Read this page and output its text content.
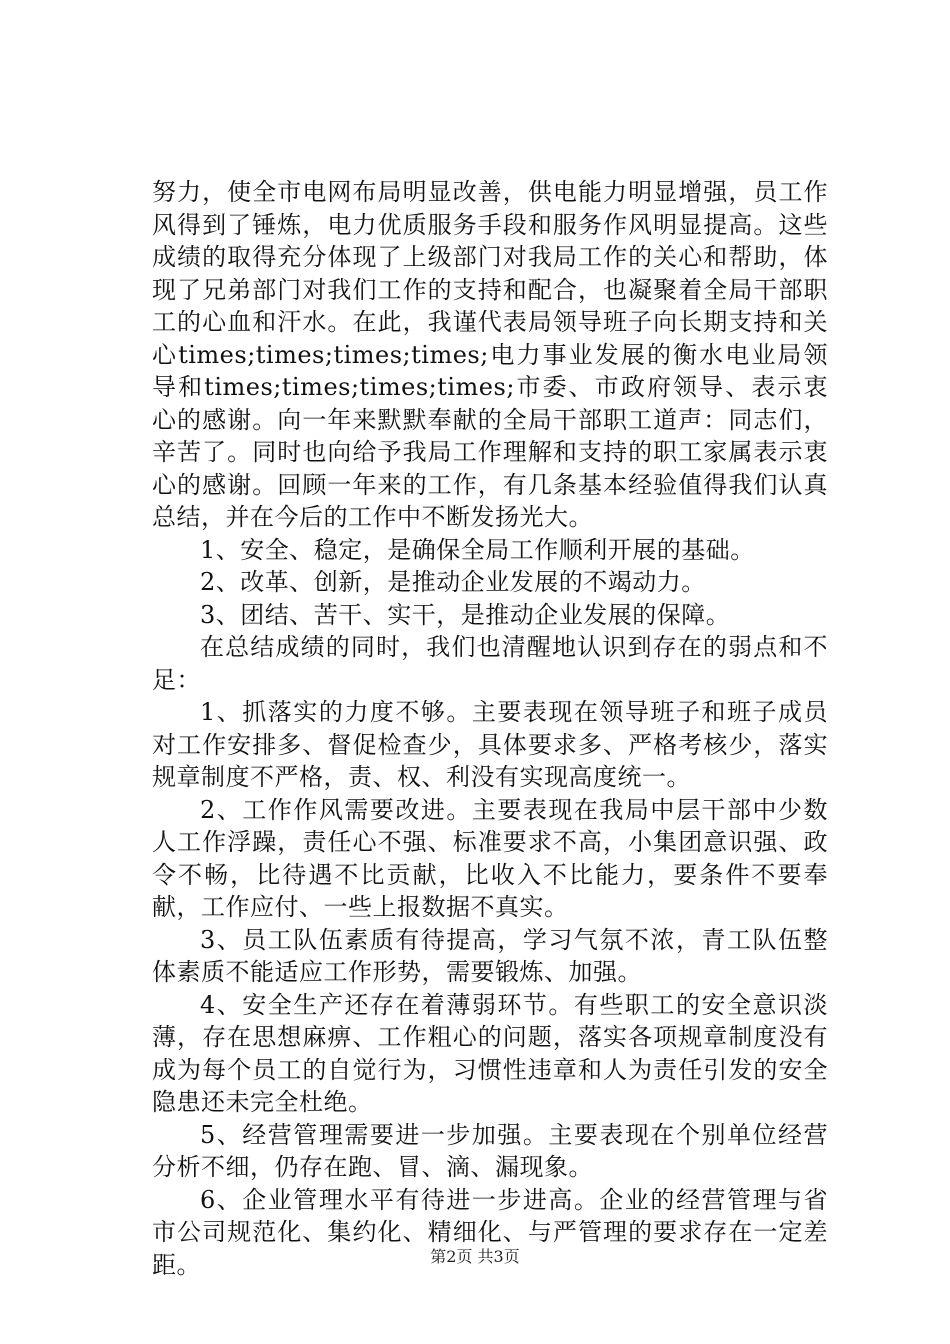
努力，使全市电网布局明显改善，供电能力明显增强，员工作风得到了锤炼，电力优质服务手段和服务作风明显提高。这些成绩的取得充分体现了上级部门对我局工作的关心和帮助，体现了兄弟部门对我们工作的支持和配合，也凝聚着全局干部职工的心血和汗水。在此，我谨代表局领导班子向长期支持和关心times;times;times;times;电力事业发展的衡水电业局领导和times;times;times;times;市委、市政府领导、表示衷心的感谢。向一年来默默奉献的全局干部职工道声：同志们，辛苦了。同时也向给予我局工作理解和支持的职工家属表示衷心的感谢。回顾一年来的工作，有几条基本经验值得我们认真总结，并在今后的工作中不断发扬光大。

1、安全、稳定，是确保全局工作顺利开展的基础。

2、改革、创新，是推动企业发展的不竭动力。

3、团结、苦干、实干，是推动企业发展的保障。

在总结成绩的同时，我们也清醒地认识到存在的弱点和不足：

1、抓落实的力度不够。主要表现在领导班子和班子成员对工作安排多、督促检查少，具体要求多、严格考核少，落实规章制度不严格，责、权、利没有实现高度统一。

2、工作作风需要改进。主要表现在我局中层干部中少数人工作浮躁，责任心不强、标准要求不高，小集团意识强、政令不畅，比待遇不比贡献，比收入不比能力，要条件不要奉献，工作应付、一些上报数据不真实。

3、员工队伍素质有待提高，学习气氛不浓，青工队伍整体素质不能适应工作形势，需要锻炼、加强。

4、安全生产还存在着薄弱环节。有些职工的安全意识淡薄，存在思想麻痹、工作粗心的问题，落实各项规章制度没有成为每个员工的自觉行为，习惯性违章和人为责任引发的安全隐患还未完全杜绝。

5、经营管理需要进一步加强。主要表现在个别单位经营分析不细，仍存在跑、冒、滴、漏现象。

6、企业管理水平有待进一步进高。企业的经营管理与省市公司规范化、集约化、精细化、与严管理的要求存在一定差距。	第2页 共3页
